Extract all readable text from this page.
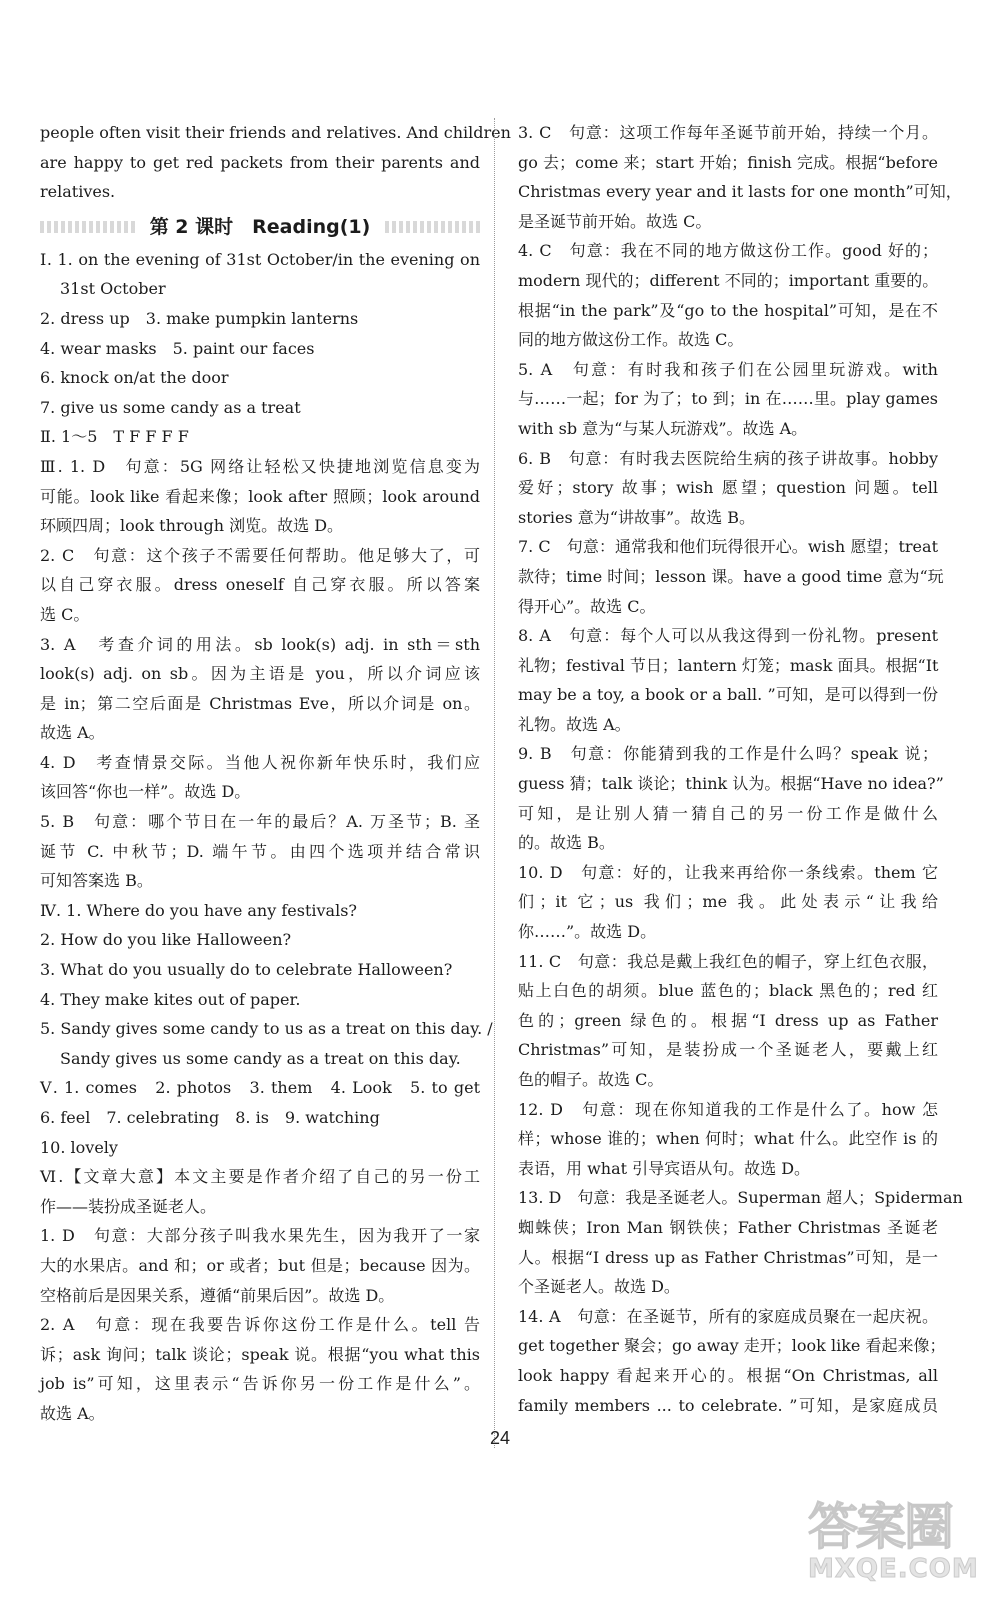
people often visit their friends and relatives. And children
are happy to get red packets from their parents and
relatives.
第 2 课时　Reading(1)
Ⅰ. 1. on the evening of 31st October/in the evening on
31st October
2. dress up　3. make pumpkin lanterns
4. wear masks　5. paint our faces
6. knock on/at the door
7. give us some candy as a treat
Ⅱ. 1～5　T F F F F
Ⅲ. 1. D　句意：5G 网络让轻松又快捷地浏览信息变为
可能。look like 看起来像；look after 照顾；look around
环顾四周；look through 浏览。故选 D。
2. C　句意：这个孩子不需要任何帮助。他足够大了，可
以自己穿衣服。dress oneself 自己穿衣服。所以答案
选 C。
3. A　考查介词的用法。sb look(s) adj. in sth＝sth
look(s) adj. on sb。因为主语是 you，所以介词应该
是 in；第二空后面是 Christmas Eve，所以介词是 on。
故选 A。
4. D　考查情景交际。当他人祝你新年快乐时，我们应
该回答“你也一样”。故选 D。
5. B　句意：哪个节日在一年的最后？A. 万圣节；B. 圣
诞节 C. 中秋节；D. 端午节。由四个选项并结合常识
可知答案选 B。
Ⅳ. 1. Where do you have any festivals?
2. How do you like Halloween?
3. What do you usually do to celebrate Halloween?
4. They make kites out of paper.
5. Sandy gives some candy to us as a treat on this day. /
Sandy gives us some candy as a treat on this day.
Ⅴ. 1. comes　2. photos　3. them　4. Look　5. to get
6. feel　7. celebrating　8. is　9. watching
10. lovely
Ⅵ.【文章大意】本文主要是作者介绍了自己的另一份工
作——装扮成圣诞老人。
1. D　句意：大部分孩子叫我水果先生，因为我开了一家
大的水果店。and 和；or 或者；but 但是；because 因为。
空格前后是因果关系，遵循“前果后因”。故选 D。
2. A　句意：现在我要告诉你这份工作是什么。tell 告
诉；ask 询问；talk 谈论；speak 说。根据“you what this
job is”可知，这里表示“告诉你另一份工作是什么”。
故选 A。
3. C　句意：这项工作每年圣诞节前开始，持续一个月。
go 去；come 来；start 开始；finish 完成。根据“before
Christmas every year and it lasts for one month”可知，
是圣诞节前开始。故选 C。
4. C　句意：我在不同的地方做这份工作。good 好的；
modern 现代的；different 不同的；important 重要的。
根据“in the park”及“go to the hospital”可知，是在不
同的地方做这份工作。故选 C。
5. A　句意：有时我和孩子们在公园里玩游戏。with
与……一起；for 为了；to 到；in 在……里。play games
with sb 意为“与某人玩游戏”。故选 A。
6. B　句意：有时我去医院给生病的孩子讲故事。hobby
爱好；story 故事；wish 愿望；question 问题。tell
stories 意为“讲故事”。故选 B。
7. C　句意：通常我和他们玩得很开心。wish 愿望；treat
款待；time 时间；lesson 课。have a good time 意为“玩
得开心”。故选 C。
8. A　句意：每个人可以从我这得到一份礼物。present
礼物；festival 节日；lantern 灯笼；mask 面具。根据“It
may be a toy, a book or a ball. ”可知，是可以得到一份
礼物。故选 A。
9. B　句意：你能猜到我的工作是什么吗？speak 说；
guess 猜；talk 谈论；think 认为。根据“Have no idea?”
可知，是让别人猜一猜自己的另一份工作是做什么
的。故选 B。
10. D　句意：好的，让我来再给你一条线索。them 它
们；it 它；us 我们；me 我。此处表示“让我给
你……”。故选 D。
11. C　句意：我总是戴上我红色的帽子，穿上红色衣服，
贴上白色的胡须。blue 蓝色的；black 黑色的；red 红
色的；green 绿色的。根据“I dress up as Father
Christmas”可知，是装扮成一个圣诞老人，要戴上红
色的帽子。故选 C。
12. D　句意：现在你知道我的工作是什么了。how 怎
样；whose 谁的；when 何时；what 什么。此空作 is 的
表语，用 what 引导宾语从句。故选 D。
13. D　句意：我是圣诞老人。Superman 超人；Spiderman
蜘蛛侠；Iron Man 钢铁侠；Father Christmas 圣诞老
人。根据“I dress up as Father Christmas”可知，是一
个圣诞老人。故选 D。
14. A　句意：在圣诞节，所有的家庭成员聚在一起庆祝。
get together 聚会；go away 走开；look like 看起来像；
look happy 看起来开心的。根据“On Christmas, all
family members ... to celebrate. ”可知，是家庭成员
24
答案圈
MXQE.COM
